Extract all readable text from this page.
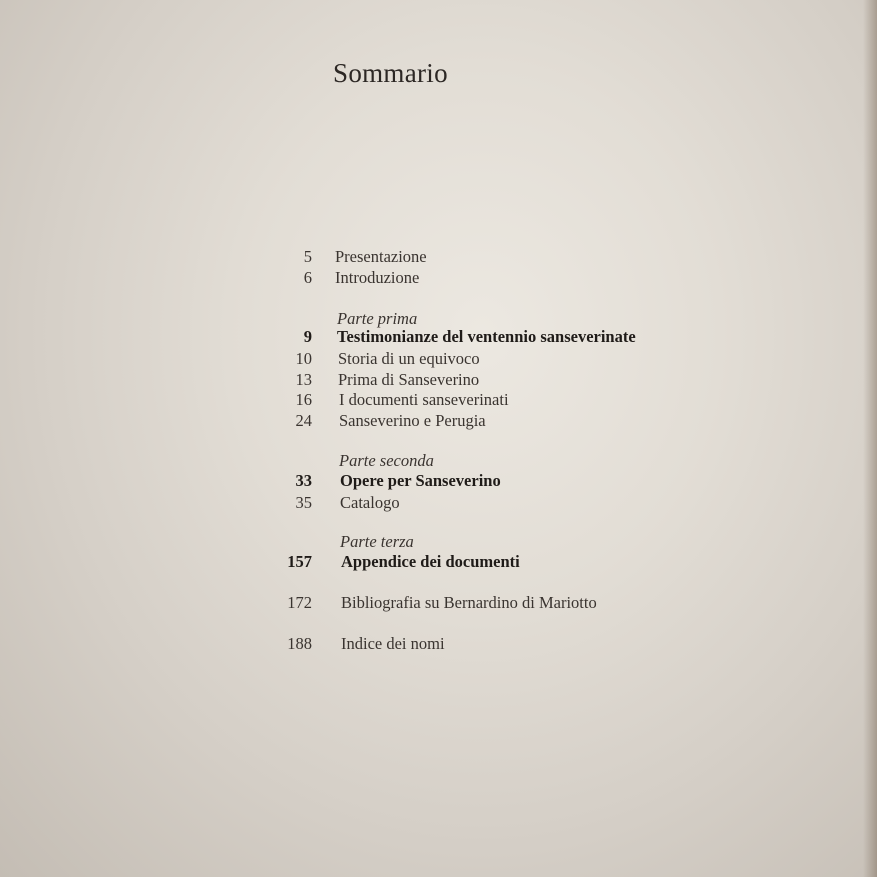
Sommario
5 Presentazione
6 Introduzione
Parte prima
9 Testimonianze del ventennio sanseverinate
10 Storia di un equivoco
13 Prima di Sanseverino
16 I documenti sanseverinati
24 Sanseverino e Perugia
Parte seconda
33 Opere per Sanseverino
35 Catalogo
Parte terza
157 Appendice dei documenti
172 Bibliografia su Bernardino di Mariotto
188 Indice dei nomi
